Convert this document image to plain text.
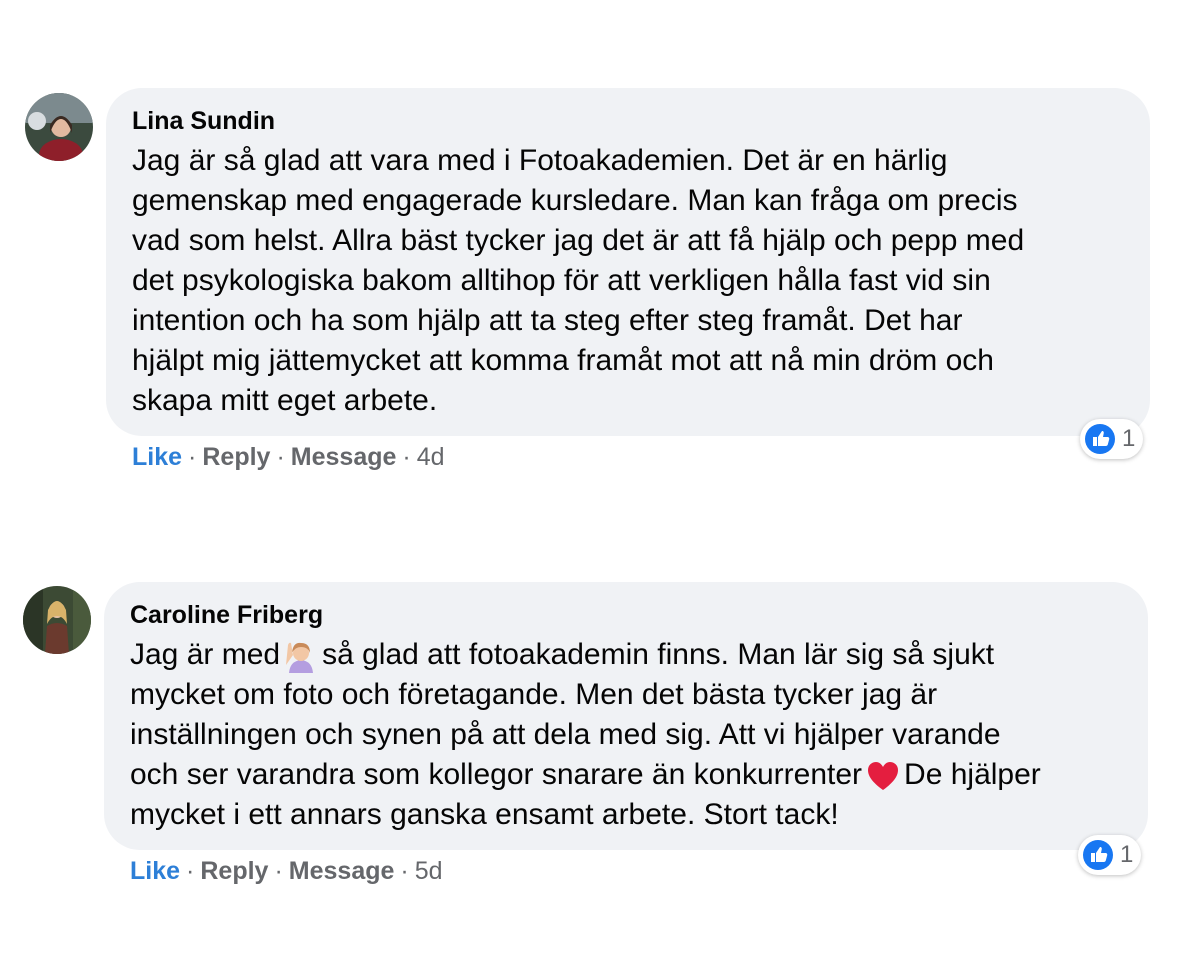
Lina Sundin
Jag är så glad att vara med i Fotoakademien. Det är en härlig
gemenskap med engagerade kursledare. Man kan fråga om precis
vad som helst. Allra bäst tycker jag det är att få hjälp och pepp med
det psykologiska bakom alltihop för att verkligen hålla fast vid sin
intention och ha som hjälp att ta steg efter steg framåt. Det har
hjälpt mig jättemycket att komma framåt mot att nå min dröm och
skapa mitt eget arbete.
1
Like · Reply · Message · 4d
Caroline Friberg
Jag är med så glad att fotoakademin finns. Man lär sig så sjukt
mycket om foto och företagande. Men det bästa tycker jag är
inställningen och synen på att dela med sig. Att vi hjälper varande
och ser varandra som kollegor snarare än konkurrenter De hjälper
mycket i ett annars ganska ensamt arbete. Stort tack!
1
Like · Reply · Message · 5d
